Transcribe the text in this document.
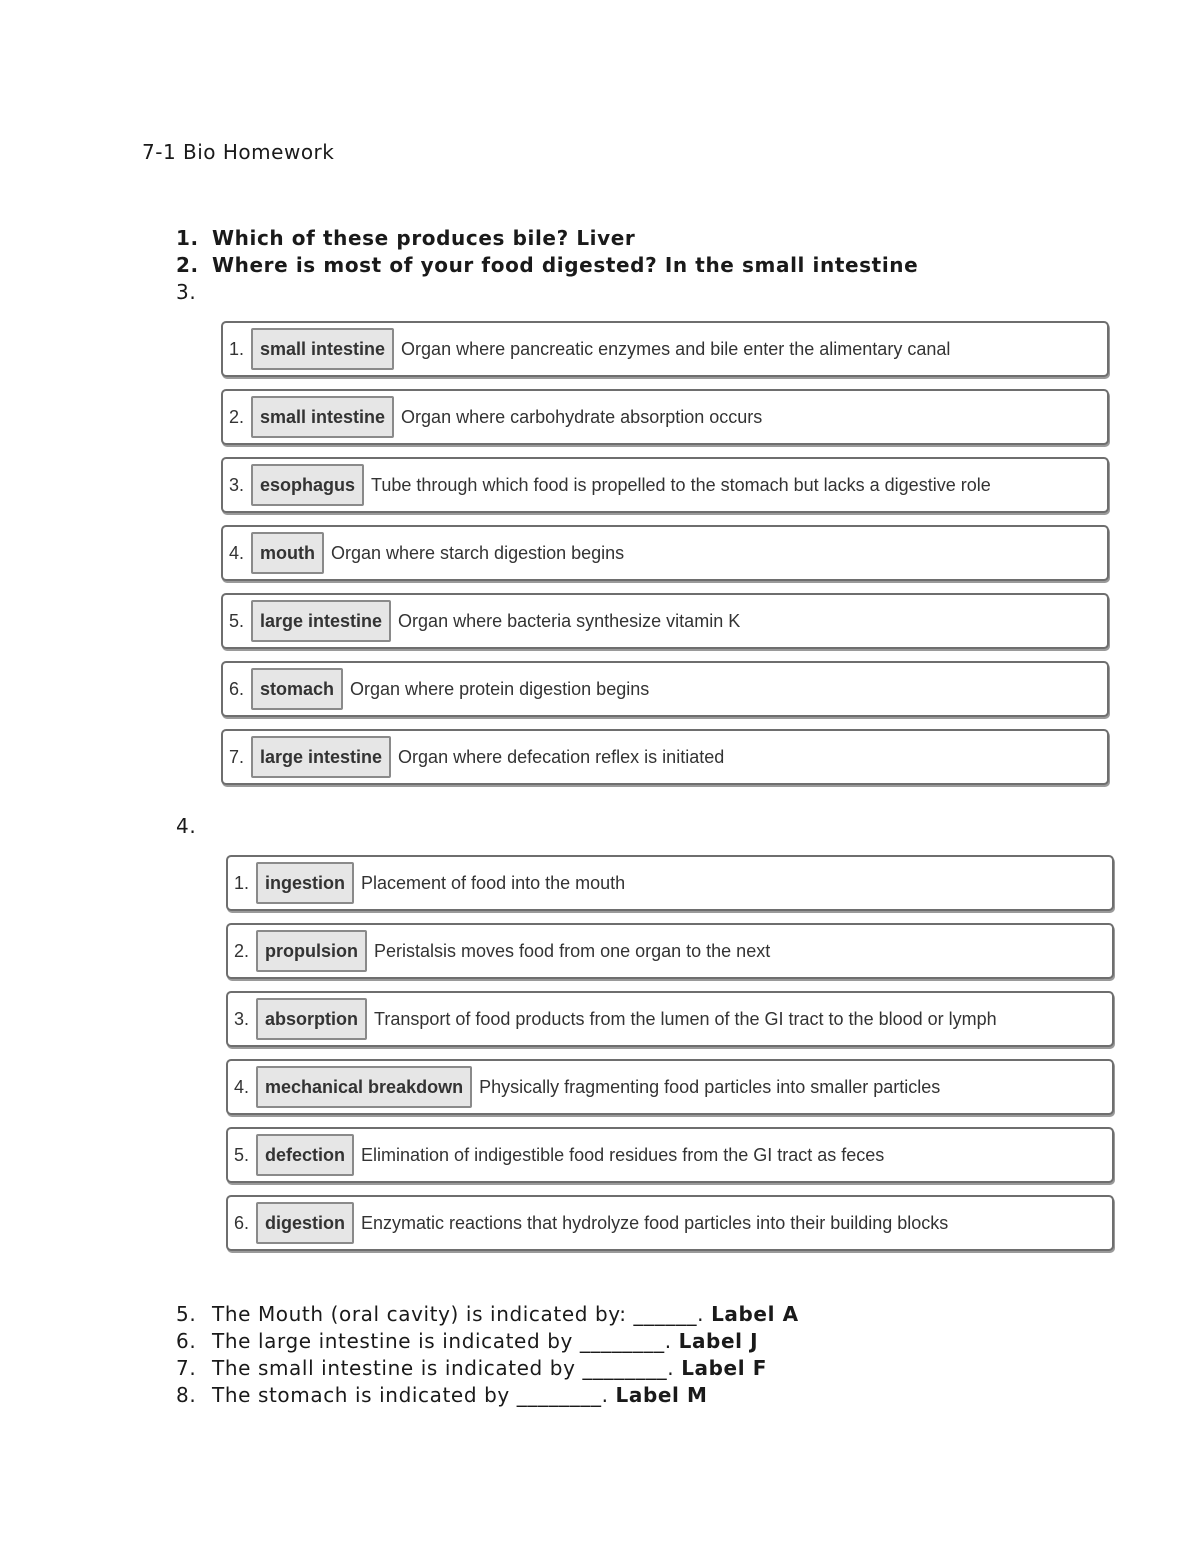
7-1 Bio Homework
1. Which of these produces bile? Liver
2. Where is most of your food digested? In the small intestine
3.
1. small intestine Organ where pancreatic enzymes and bile enter the alimentary canal
2. small intestine Organ where carbohydrate absorption occurs
3. esophagus Tube through which food is propelled to the stomach but lacks a digestive role
4. mouth Organ where starch digestion begins
5. large intestine Organ where bacteria synthesize vitamin K
6. stomach Organ where protein digestion begins
7. large intestine Organ where defecation reflex is initiated
4.
1. ingestion Placement of food into the mouth
2. propulsion Peristalsis moves food from one organ to the next
3. absorption Transport of food products from the lumen of the GI tract to the blood or lymph
4. mechanical breakdown Physically fragmenting food particles into smaller particles
5. defection Elimination of indigestible food residues from the GI tract as feces
6. digestion Enzymatic reactions that hydrolyze food particles into their building blocks
5. The Mouth (oral cavity) is indicated by: ______. Label A
6. The large intestine is indicated by ________. Label J
7. The small intestine is indicated by ________. Label F
8. The stomach is indicated by ________. Label M
